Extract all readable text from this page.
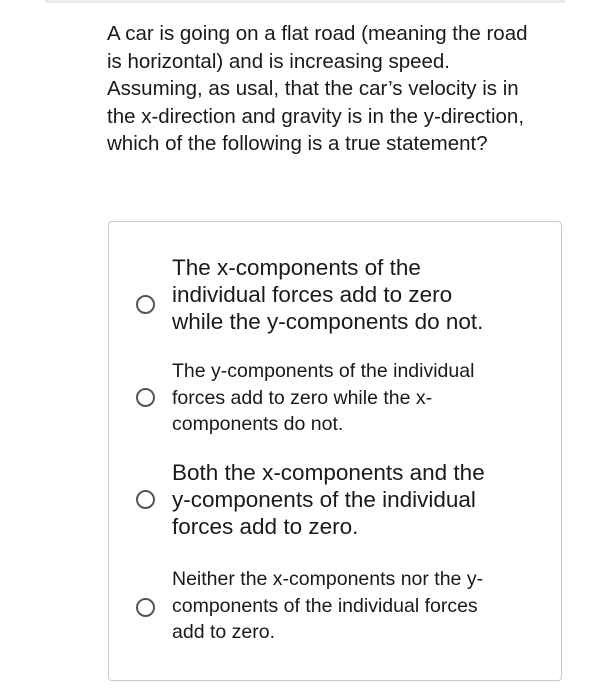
A car is going on a flat road (meaning the road
is horizontal) and is increasing speed.
Assuming, as usal, that the car’s velocity is in
the x-direction and gravity is in the y-direction,
which of the following is a true statement?

The x-components of the
individual forces add to zero
while the y-components do not.

The y-components of the individual
forces add to zero while the x-
components do not.

Both the x-components and the
y-components of the individual
forces add to zero.

Neither the x-components nor the y-
components of the individual forces
add to zero.
